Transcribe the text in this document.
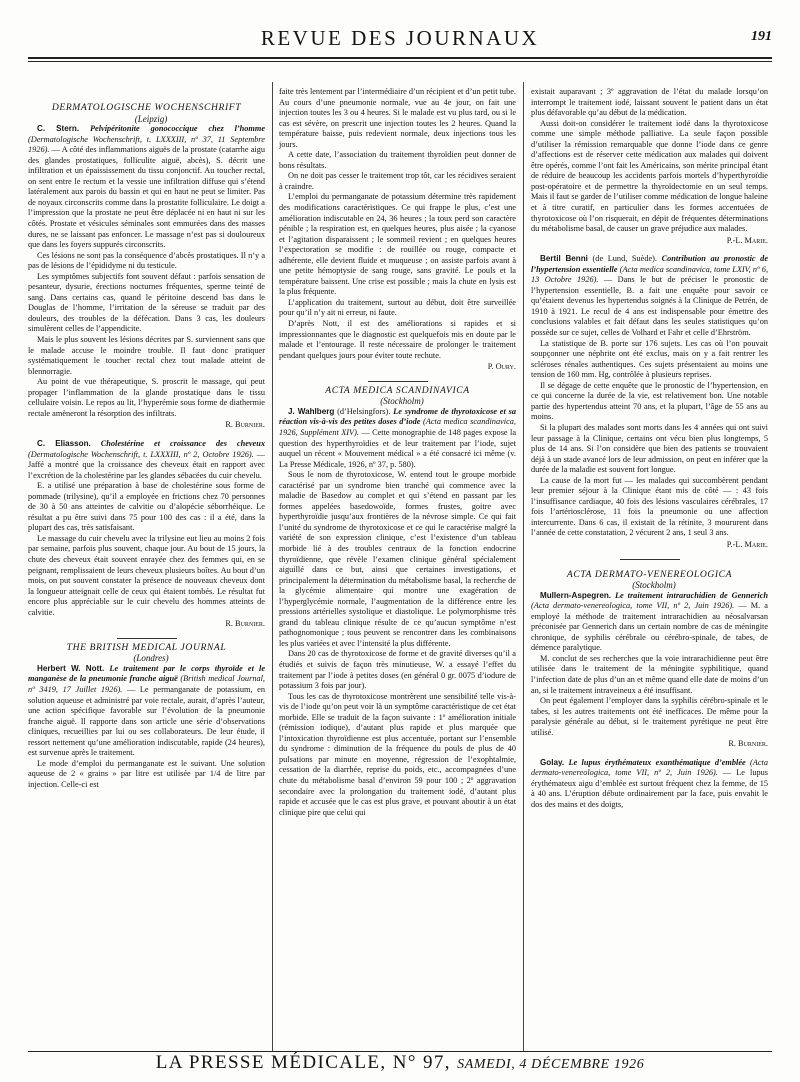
REVUE DES JOURNAUX	191

DERMATOLOGISCHE WOCHENSCHRIFT

(Leipzig)

C. Stern. Pelvipéritonite gonococcique chez l’homme (Dermatologische Wochenschrift, t. LXXXIII, nº 37, 11 Septembre 1926). — A côté des inflammations aiguës de la prostate (catarrhe aigu des glandes prostatiques, folliculite aiguë, abcès), S. décrit une infiltration et un épaississement du tissu conjonctif. Au toucher rectal, on sent entre le rectum et la vessie une infiltration diffuse qui s’étend latéralement aux parois du bassin et qui en haut ne peut se limiter. Pas de noyaux circonscrits comme dans la prostatite folliculaire. Le doigt a l’impression que la prostate ne peut être déplacée ni en haut ni sur les côtés. Prostate et vésicules séminales sont emmurées dans des masses dures, ne se laissant pas enfoncer. Le massage n’est pas si douloureux que dans les foyers suppurés circonscrits.

Ces lésions ne sont pas la conséquence d’abcès prostatiques. Il n’y a pas de lésions de l’épididyme ni du testicule.

Les symptômes subjectifs font souvent défaut : parfois sensation de pesanteur, dysurie, érections nocturnes fréquentes, sperme teinté de sang. Dans certains cas, quand le péritoine descend bas dans le Douglas de l’homme, l’irritation de la séreuse se traduit par des douleurs, des troubles de la défécation. Dans 3 cas, les douleurs simulèrent celles de l’appendicite.

Mais le plus souvent les lésions décrites par S. surviennent sans que le malade accuse le moindre trouble. Il faut donc pratiquer systématiquement le toucher rectal chez tout malade atteint de blennorragie.

Au point de vue thérapeutique, S. proscrit le massage, qui peut propager l’inflammation de la glande prostatique dans le tissu cellulaire voisin. Le repos au lit, l’hyperémie sous forme de diathermie rectale amèneront la résorption des infiltrats.

R. Burnier.

C. Eliasson. Cholestérine et croissance des cheveux (Dermatologische Wochenschrift, t. LXXXIII, nº 2, Octobre 1926). — Jaffé a montré que la croissance des cheveux était en rapport avec l’excrétion de la cholestérine par les glandes sébacées du cuir chevelu.

E. a utilisé une préparation à base de cholestérine sous forme de pommade (trilysine), qu’il a employée en frictions chez 70 personnes de 30 à 50 ans atteintes de calvitie ou d’alopécie séborrhéique. Le résultat a pu être suivi dans 75 pour 100 des cas : il a été, dans la plupart des cas, très satisfaisant.

Le massage du cuir chevelu avec la trilysine eut lieu au moins 2 fois par semaine, parfois plus souvent, chaque jour. Au bout de 15 jours, la chute des cheveux était souvent enrayée chez des femmes qui, en se peignant, remplissaient de leurs cheveux plusieurs boîtes. Au bout d’un mois, on put souvent constater la présence de nouveaux cheveux dont la longueur atteignait celle de ceux qui étaient tombés. Le résultat fut encore plus appréciable sur le cuir chevelu des hommes atteints de calvitie.

R. Burnier.

THE BRITISH MEDICAL JOURNAL

(Londres)

Herbert W. Nott. Le traitement par le corps thyroïde et le manganèse de la pneumonie franche aiguë (British medical Journal, nº 3419, 17 Juillet 1926). — Le permanganate de potassium, en solution aqueuse et administré par voie rectale, aurait, d’après l’auteur, une action spécifique favorable sur l’évolution de la pneumonie franche aiguë. Il rapporte dans son article une série d’observations cliniques, recueillies par lui ou ses collaborateurs. De leur étude, il ressort nettement qu’une amélioration indiscutable, rapide (24 heures), est survenue après le traitement.

Le mode d’emploi du permanganate est le suivant. Une solution aqueuse de 2 « grains » par litre est utilisée par 1/4 de litre par injection. Celle-ci est

faite très lentement par l’intermédiaire d’un récipient et d’un petit tube. Au cours d’une pneumonie normale, vue au 4e jour, on fait une injection toutes les 3 ou 4 heures. Si le malade est vu plus tard, ou si le cas est sévère, on prescrit une injection toutes les 2 heures. Quand la température baisse, puis redevient normale, deux injections tous les jours.

A cette date, l’association du traitement thyroïdien peut donner de bons résultats.

On ne doit pas cesser le traitement trop tôt, car les récidives seraient à craindre.

L’emploi du permanganate de potassium détermine très rapidement des modifications caractéristiques. Ce qui frappe le plus, c’est une amélioration indiscutable en 24, 36 heures ; la toux perd son caractère pénible ; la respiration est, en quelques heures, plus aisée ; la cyanose et l’agitation disparaissent ; le sommeil revient ; en quelques heures l’expectoration se modifie : de rouillée ou rouge, compacte et adhérente, elle devient fluide et muqueuse ; on assiste parfois avant à une petite hémoptysie de sang rouge, sans gravité. Le pouls et la température baissent. Une crise est possible ; mais la chute en lysis est la plus fréquente.

L’application du traitement, surtout au début, doit être surveillée pour qu’il n’y ait ni erreur, ni faute.

D’après Nott, il est des améliorations si rapides et si impressionnantes que le diagnostic est quelquefois mis en doute par le malade et l’entourage. Il reste nécessaire de prolonger le traitement pendant quelques jours pour éviter toute rechute.

P. Oury.

ACTA MEDICA SCANDINAVICA

(Stockholm)

J. Wahlberg (d’Helsingfors). Le syndrome de thyrotoxicose et sa réaction vis-à-vis des petites doses d’iode (Acta medica scandinavica, 1926, Supplément XIV). — Cette monographie de 148 pages expose la question des hyperthyroïdies et de leur traitement par l’iode, sujet auquel un récent « Mouvement médical » a été consacré ici même (v. La Presse Médicale, 1926, nº 37, p. 580).

Sous le nom de thyrotoxicose, W. entend tout le groupe morbide caractérisé par un syndrome bien tranché qui commence avec la maladie de Basedow au complet et qui s’étend en passant par les formes appelées basedowoïde, formes frustes, goitre avec hyperthyroïdie jusqu’aux frontières de la névrose simple. Ce qui fait l’unité du syndrome de thyrotoxicose et ce qui le caractérise malgré la variété de son expression clinique, c’est l’existence d’un tableau morbide lié à des troubles centraux de la fonction endocrine thyroïdienne, que révèle l’examen clinique général spécialement aiguillé dans ce but, ainsi que certaines investigations, et principalement la détermination du métabolisme basal, la recherche de la glycémie alimentaire qui montre une exagération de l’hyperglycémie normale, l’augmentation de la différence entre les pressions artérielles systolique et diastolique. Le polymorphisme très grand du tableau clinique résulte de ce qu’aucun symptôme n’est pathognomonique ; tous peuvent se rencontrer dans les combinaisons les plus variées et avec l’intensité la plus différente.

Dans 20 cas de thyrotoxicose de forme et de gravité diverses qu’il a étudiés et suivis de façon très minutieuse, W. a essayé l’effet du traitement par l’iode à petites doses (en général 0 gr. 0075 d’iodure de potassium 3 fois par jour).

Tous les cas de thyrotoxicose montrèrent une sensibilité telle vis-à-vis de l’iode qu’on peut voir là un symptôme caractéristique de cet état morbide. Elle se traduit de la façon suivante : 1º amélioration initiale (rémission iodique), d’autant plus rapide et plus marquée que l’intoxication thyroïdienne est plus accentuée, portant sur l’ensemble du syndrome : diminution de la fréquence du pouls de plus de 40 pulsations par minute en moyenne, régression de l’exophtalmie, cessation de la diarrhée, reprise du poids, etc., accompagnées d’une chute du métabolisme basal d’environ 59 pour 100 ; 2º aggravation secondaire avec la prolongation du traitement iodé, d’autant plus rapide et accusée que le cas est plus grave, et pouvant aboutir à un état clinique pire que celui qui

existait auparavant ; 3º aggravation de l’état du malade lorsqu’on interrompt le traitement iodé, laissant souvent le patient dans un état plus défavorable qu’au début de la médication.

Aussi doit-on considérer le traitement iodé dans la thyrotoxicose comme une simple méthode palliative. La seule façon possible d’utiliser la rémission remarquable que donne l’iode dans ce genre d’affections est de réserver cette médication aux malades qui doivent être opérés, comme l’ont fait les Américains, son mérite principal étant de réduire de beaucoup les accidents parfois mortels d’hyperthyroïdie post-opératoire et de permettre la thyroïdectomie en un seul temps. Mais il faut se garder de l’utiliser comme médication de longue haleine et à titre curatif, en particulier dans les formes accentuées de thyrotoxicose où l’on risquerait, en dépit de fréquentes déterminations du métabolisme basal, de causer un grave préjudice aux malades.

P.-L. Marie.

Bertil Benni (de Lund, Suède). Contribution au pronostic de l’hypertension essentielle (Acta medica scandinavica, tome LXIV, nº 6, 13 Octobre 1926). — Dans le but de préciser le pronostic de l’hypertension essentielle, B. a fait une enquête pour savoir ce qu’étaient devenus les hypertendus soignés à la Clinique de Petrén, de 1910 à 1921. Le recul de 4 ans est indispensable pour émettre des conclusions valables et fait défaut dans les seules statistiques qu’on possède sur ce sujet, celles de Volhard et Fahr et celle d’Ehrström.

La statistique de B. porte sur 176 sujets. Les cas où l’on pouvait soupçonner une néphrite ont été exclus, mais on y a fait rentrer les scléroses rénales authentiques. Ces sujets présentaient au moins une tension de 160 mm. Hg, contrôlée à plusieurs reprises.

Il se dégage de cette enquête que le pronostic de l’hypertension, en ce qui concerne la durée de la vie, est relativement bon. Une notable partie des hypertendus atteint 70 ans, et la plupart, l’âge de 55 ans au moins.

Si la plupart des malades sont morts dans les 4 années qui ont suivi leur passage à la Clinique, certains ont vécu bien plus longtemps, 5 plus de 14 ans. Si l’on considère que bien des patients se trouvaient déjà à un stade avancé lors de leur admission, on peut en inférer que la durée de la maladie est souvent fort longue.

La cause de la mort fut — les malades qui succombèrent pendant leur premier séjour à la Clinique étant mis de côté — : 43 fois l’insuffisance cardiaque, 40 fois des lésions vasculaires cérébrales, 17 fois l’artériosclérose, 11 fois la pneumonie ou une affection intercurrente. Dans 6 cas, il existait de la rétinite, 3 moururent dans l’année de cette constatation, 2 vécurent 2 ans, 1 seul 3 ans.

P.-L. Marie.

ACTA DERMATO-VENEREOLOGICA

(Stockholm)

Mullern-Aspegren. Le traitement intrarachidien de Gennerich (Acta dermato-venereologica, tome VII, nº 2, Juin 1926). — M. a employé la méthode de traitement intrarachidien au néosalvarsan préconisée par Gennerich dans un certain nombre de cas de méningite chronique, de syphilis cérébrale ou cérébro-spinale, de tabes, de démence paralytique.

M. conclut de ses recherches que la voie intrarachidienne peut être utilisée dans le traitement de la méningite syphilitique, quand l’infection date de plus d’un an et même quand elle date de moins d’un an, si le traitement intraveineux a été insuffisant.

On peut également l’employer dans la syphilis cérébro-spinale et le tabes, si les autres traitements ont été inefficaces. De même pour la paralysie générale au début, si le traitement pyrétique ne peut être utilisé.

R. Burnier.

Golay. Le lupus érythémateux exanthématique d’emblée (Acta dermato-venereologica, tome VII, nº 2, Juin 1926). — Le lupus érythémateux aigu d’emblée est surtout fréquent chez la femme, de 15 à 40 ans. L’éruption débute ordinairement par la face, puis envahit le dos des mains et des doigts,

LA PRESSE MÉDICALE, N° 97, SAMEDI, 4 DÉCEMBRE 1926
